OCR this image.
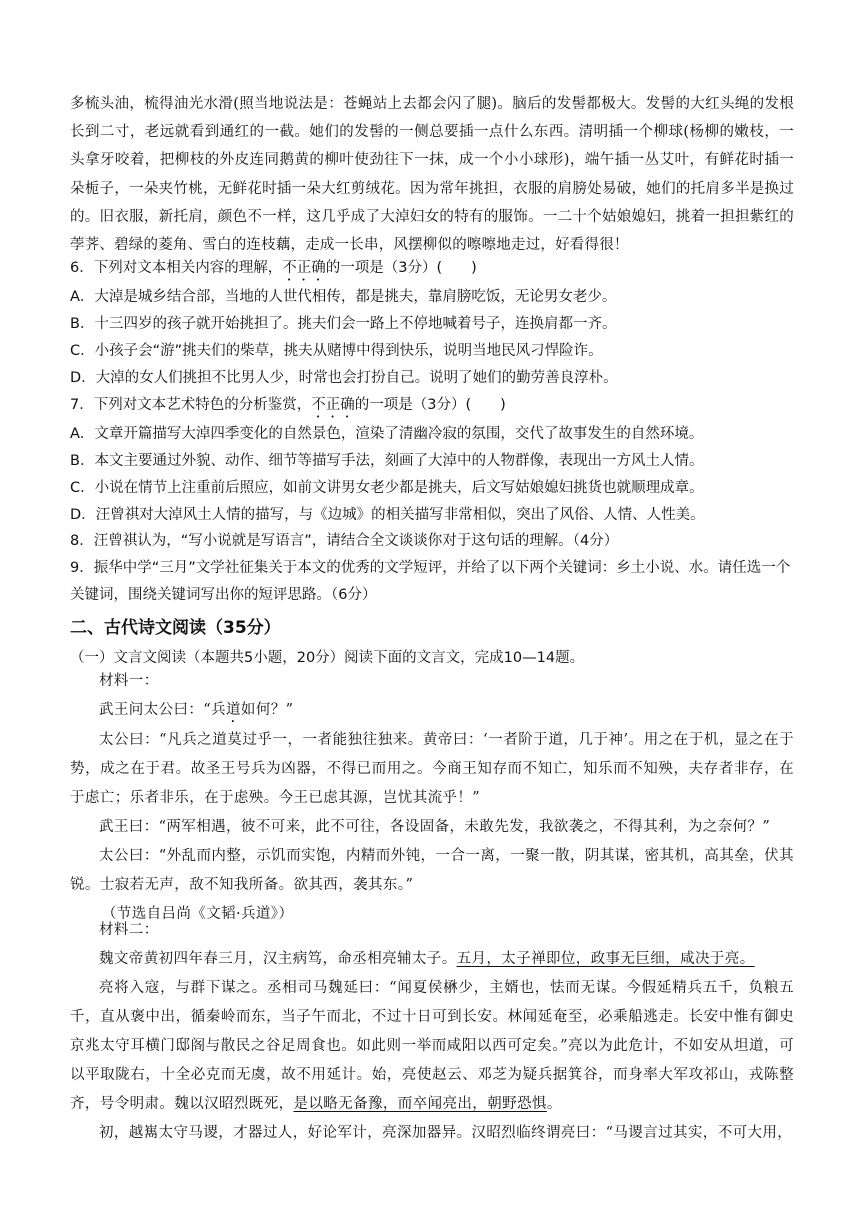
多梳头油，梳得油光水滑(照当地说法是：苍蝇站上去都会闪了腿)。脑后的发髻都极大。发髻的大红头绳的发根长到二寸，老远就看到通红的一截。她们的发髻的一侧总要插一点什么东西。清明插一个柳球(杨柳的嫩枝，一头拿牙咬着，把柳枝的外皮连同鹅黄的柳叶使劲往下一抹，成一个小小球形)，端午插一丛艾叶，有鲜花时插一朵栀子，一朵夹竹桃，无鲜花时插一朵大红剪绒花。因为常年挑担，衣服的肩膀处易破，她们的托肩多半是换过的。旧衣服，新托肩，颜色不一样，这几乎成了大淖妇女的特有的服饰。一二十个姑娘媳妇，挑着一担担紫红的荸荠、碧绿的菱角、雪白的连枝藕，走成一长串，风摆柳似的嚓嚓地走过，好看得很！

6．下列对文本相关内容的理解，不正确的一项是（3分）(　　)

A．大淖是城乡结合部，当地的人世代相传，都是挑夫，靠肩膀吃饭，无论男女老少。

B．十三四岁的孩子就开始挑担了。挑夫们会一路上不停地喊着号子，连换肩都一齐。

C．小孩子会“游”挑夫们的柴草，挑夫从赌博中得到快乐，说明当地民风刁悍险诈。

D．大淖的女人们挑担不比男人少，时常也会打扮自己。说明了她们的勤劳善良淳朴。

7．下列对文本艺术特色的分析鉴赏，不正确的一项是（3分）(　　)

A．文章开篇描写大淖四季变化的自然景色，渲染了清幽冷寂的氛围，交代了故事发生的自然环境。

B．本文主要通过外貌、动作、细节等描写手法，刻画了大淖中的人物群像，表现出一方风土人情。

C．小说在情节上注重前后照应，如前文讲男女老少都是挑夫，后文写姑娘媳妇挑货也就顺理成章。

D．汪曾祺对大淖风土人情的描写，与《边城》的相关描写非常相似，突出了风俗、人情、人性美。

8．汪曾祺认为，“写小说就是写语言”，请结合全文谈谈你对于这句话的理解。（4分）

9．振华中学“三月”文学社征集关于本文的优秀的文学短评，并给了以下两个关键词：乡土小说、水。请任选一个关键词，围绕关键词写出你的短评思路。（6分）

二、古代诗文阅读（35分）

（一）文言文阅读（本题共5小题，20分）阅读下面的文言文，完成10—14题。

材料一：

武王问太公曰：“兵道如何？”

太公曰：“凡兵之道莫过乎一，一者能独往独来。黄帝曰：‘一者阶于道，几于神’。用之在于机，显之在于势，成之在于君。故圣王号兵为凶器，不得已而用之。今商王知存而不知亡，知乐而不知殃，夫存者非存，在于虑亡；乐者非乐，在于虑殃。今王已虑其源，岂忧其流乎！”

武王曰：“两军相遇，彼不可来，此不可往，各设固备，未敢先发，我欲袭之，不得其利，为之奈何？”

太公曰：“外乱而内整，示饥而实饱，内精而外钝，一合一离，一聚一散，阴其谋，密其机，高其垒，伏其锐。士寂若无声，敌不知我所备。欲其西，袭其东。”

（节选自吕尚《文韬·兵道》）

材料二：

魏文帝黄初四年春三月，汉主病笃，命丞相亮辅太子。五月，太子禅即位，政事无巨细，咸决于亮。

亮将入寇，与群下谋之。丞相司马魏延曰：“闻夏侯楙少，主婿也，怯而无谋。今假延精兵五千，负粮五千，直从褒中出，循秦岭而东，当子午而北，不过十日可到长安。林闻延奄至，必乘船逃走。长安中惟有御史京兆太守耳横门邸阁与散民之谷足周食也。如此则一举而咸阳以西可定矣。”亮以为此危计，不如安从坦道，可以平取陇右，十全必克而无虞，故不用延计。始，亮使赵云、邓芝为疑兵据箕谷，而身率大军攻祁山，戎陈整齐，号令明肃。魏以汉昭烈既死，是以略无备豫，而卒闻亮出，朝野恐惧。

初，越嶲太守马谡，才器过人，好论军计，亮深加器异。汉昭烈临终谓亮曰：“马谡言过其实，不可大用，
